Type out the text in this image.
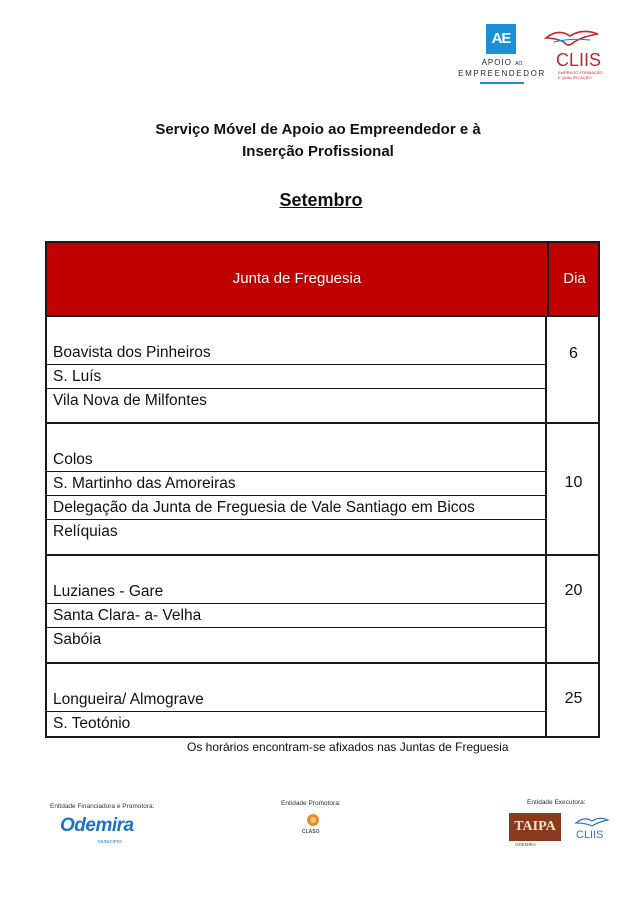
AE
APOIO AO
EMPREENDEDOR
CLIIS
EMPREGO FORMAÇÃO E QUALIFICAÇÃO
Serviço Móvel de Apoio ao Empreendedor e à
Inserção Profissional
Setembro
Junta de Freguesia	Dia
Boavista dos Pinheiros
S. Luís
Vila Nova de Milfontes
6
Colos
S. Martinho das Amoreiras
Delegação da Junta de Freguesia de Vale Santiago em Bicos
Relíquias
10
Luzianes - Gare
Santa Clara- a- Velha
Sabóia
20
Longueira/ Almograve
S. Teotónio
25
Os horários encontram-se afixados nas Juntas de Freguesia
Entidade Financiadora e Promotora:	Entidade Promotora:	Entidade Executora:
Odemira
MUNICÍPIO
CLASO	TAIPA
ODEMIRA
CLIIS
